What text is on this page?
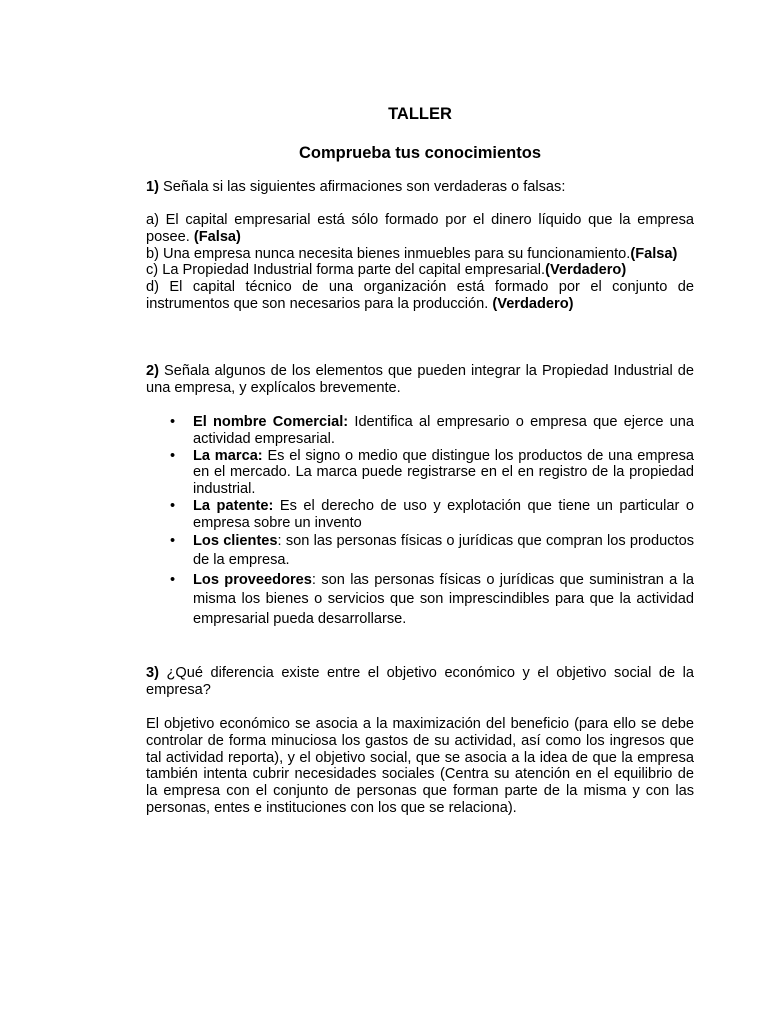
TALLER
Comprueba tus conocimientos

1) Señala si las siguientes afirmaciones son verdaderas o falsas:

a) El capital empresarial está sólo formado por el dinero líquido que la empresa posee. (Falsa)

b) Una empresa nunca necesita bienes inmuebles para su funcionamiento.(Falsa)

c) La Propiedad Industrial forma parte del capital empresarial.(Verdadero)

d) El capital técnico de una organización está formado por el conjunto de instrumentos que son necesarios para la producción. (Verdadero)

2) Señala algunos de los elementos que pueden integrar la Propiedad Industrial de una empresa, y explícalos brevemente.

• El nombre Comercial: Identifica al empresario o empresa que ejerce una actividad empresarial.
• La marca: Es el signo o medio que distingue los productos de una empresa en el mercado. La marca puede registrarse en el en registro de la propiedad industrial.
• La patente: Es el derecho de uso y explotación que tiene un particular o empresa sobre un invento
• Los clientes: son las personas físicas o jurídicas que compran los productos de la empresa.
• Los proveedores: son las personas físicas o jurídicas que suministran a la misma los bienes o servicios que son imprescindibles para que la actividad empresarial pueda desarrollarse.

3) ¿Qué diferencia existe entre el objetivo económico y el objetivo social de la empresa?

El objetivo económico se asocia a la maximización del beneficio (para ello se debe controlar de forma minuciosa los gastos de su actividad, así como los ingresos que tal actividad reporta), y el objetivo social, que se asocia a la idea de que la empresa también intenta cubrir necesidades sociales (Centra su atención en el equilibrio de la empresa con el conjunto de personas que forman parte de la misma y con las personas, entes e instituciones con los que se relaciona).
